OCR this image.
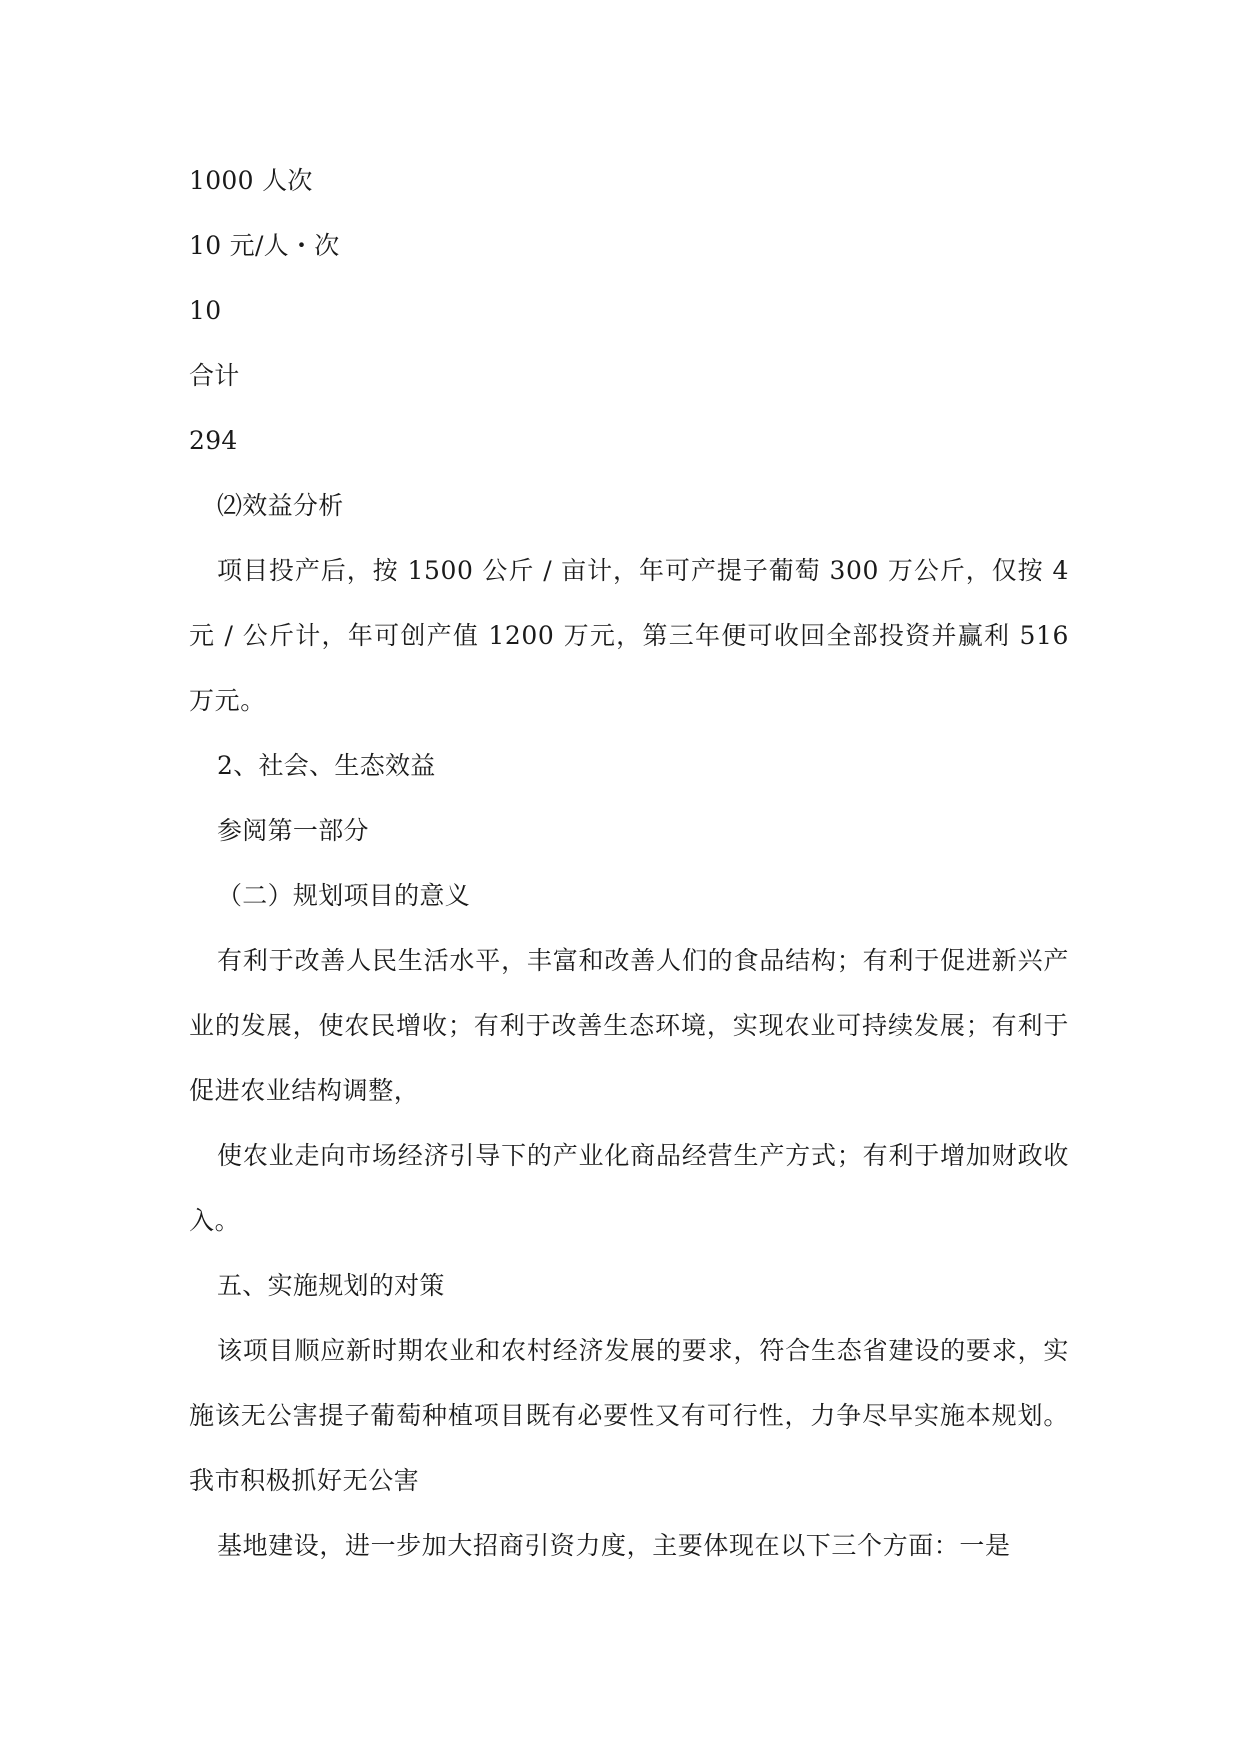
1000 人次

10 元/人・次

10

合计

294

⑵效益分析

项目投产后，按 1500 公斤 / 亩计，年可产提子葡萄 300 万公斤，仅按 4 元 / 公斤计，年可创产值 1200 万元，第三年便可收回全部投资并赢利 516 万元。

2、社会、生态效益

参阅第一部分

（二）规划项目的意义

有利于改善人民生活水平，丰富和改善人们的食品结构；有利于促进新兴产业的发展，使农民增收；有利于改善生态环境，实现农业可持续发展；有利于促进农业结构调整，

使农业走向市场经济引导下的产业化商品经营生产方式；有利于增加财政收入。

五、实施规划的对策

该项目顺应新时期农业和农村经济发展的要求，符合生态省建设的要求，实施该无公害提子葡萄种植项目既有必要性又有可行性，力争尽早实施本规划。我市积极抓好无公害

基地建设，进一步加大招商引资力度，主要体现在以下三个方面：一是
